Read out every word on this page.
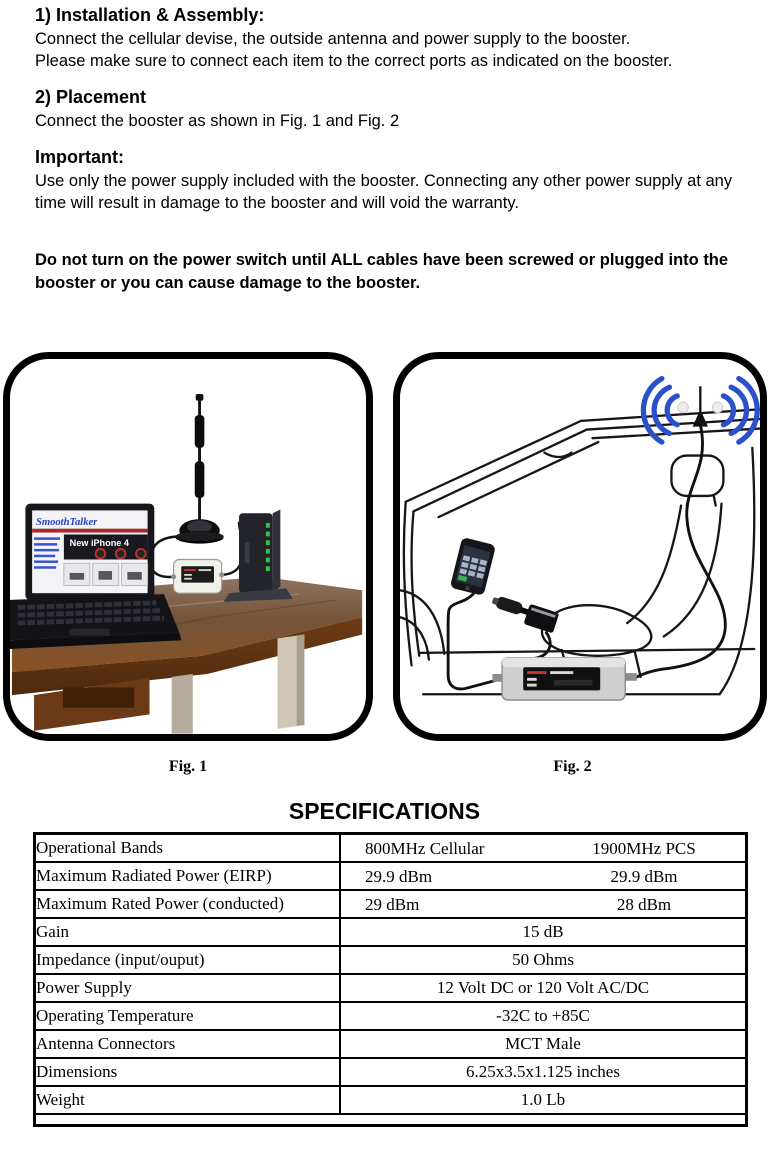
1) Installation & Assembly:

Connect the cellular devise, the outside antenna and power supply to the booster.

Please make sure to connect each item to the correct ports as indicated on the booster.

2) Placement

Connect the booster as shown in Fig. 1 and Fig. 2

Important:

Use only the power supply included with the booster. Connecting any other power supply at any time will result in damage to the booster and will void the warranty.

Do not turn on the power switch until ALL cables have been screwed or plugged into the booster or you can cause damage to the booster.

SmoothTalker
New iPhone 4
Fig. 1	Fig. 2
SPECIFICATIONS
Operational Bands	800MHz Cellular 1900MHz PCS
Maximum Radiated Power (EIRP)	29.9 dBm 29.9 dBm
Maximum Rated Power (conducted)	29 dBm 28 dBm
Gain	15 dB
Impedance (input/ouput)	50 Ohms
Power Supply	12 Volt DC or 120 Volt AC/DC
Operating Temperature	-32C to +85C
Antenna Connectors	MCT Male
Dimensions	6.25x3.5x1.125 inches
Weight	1.0 Lb
